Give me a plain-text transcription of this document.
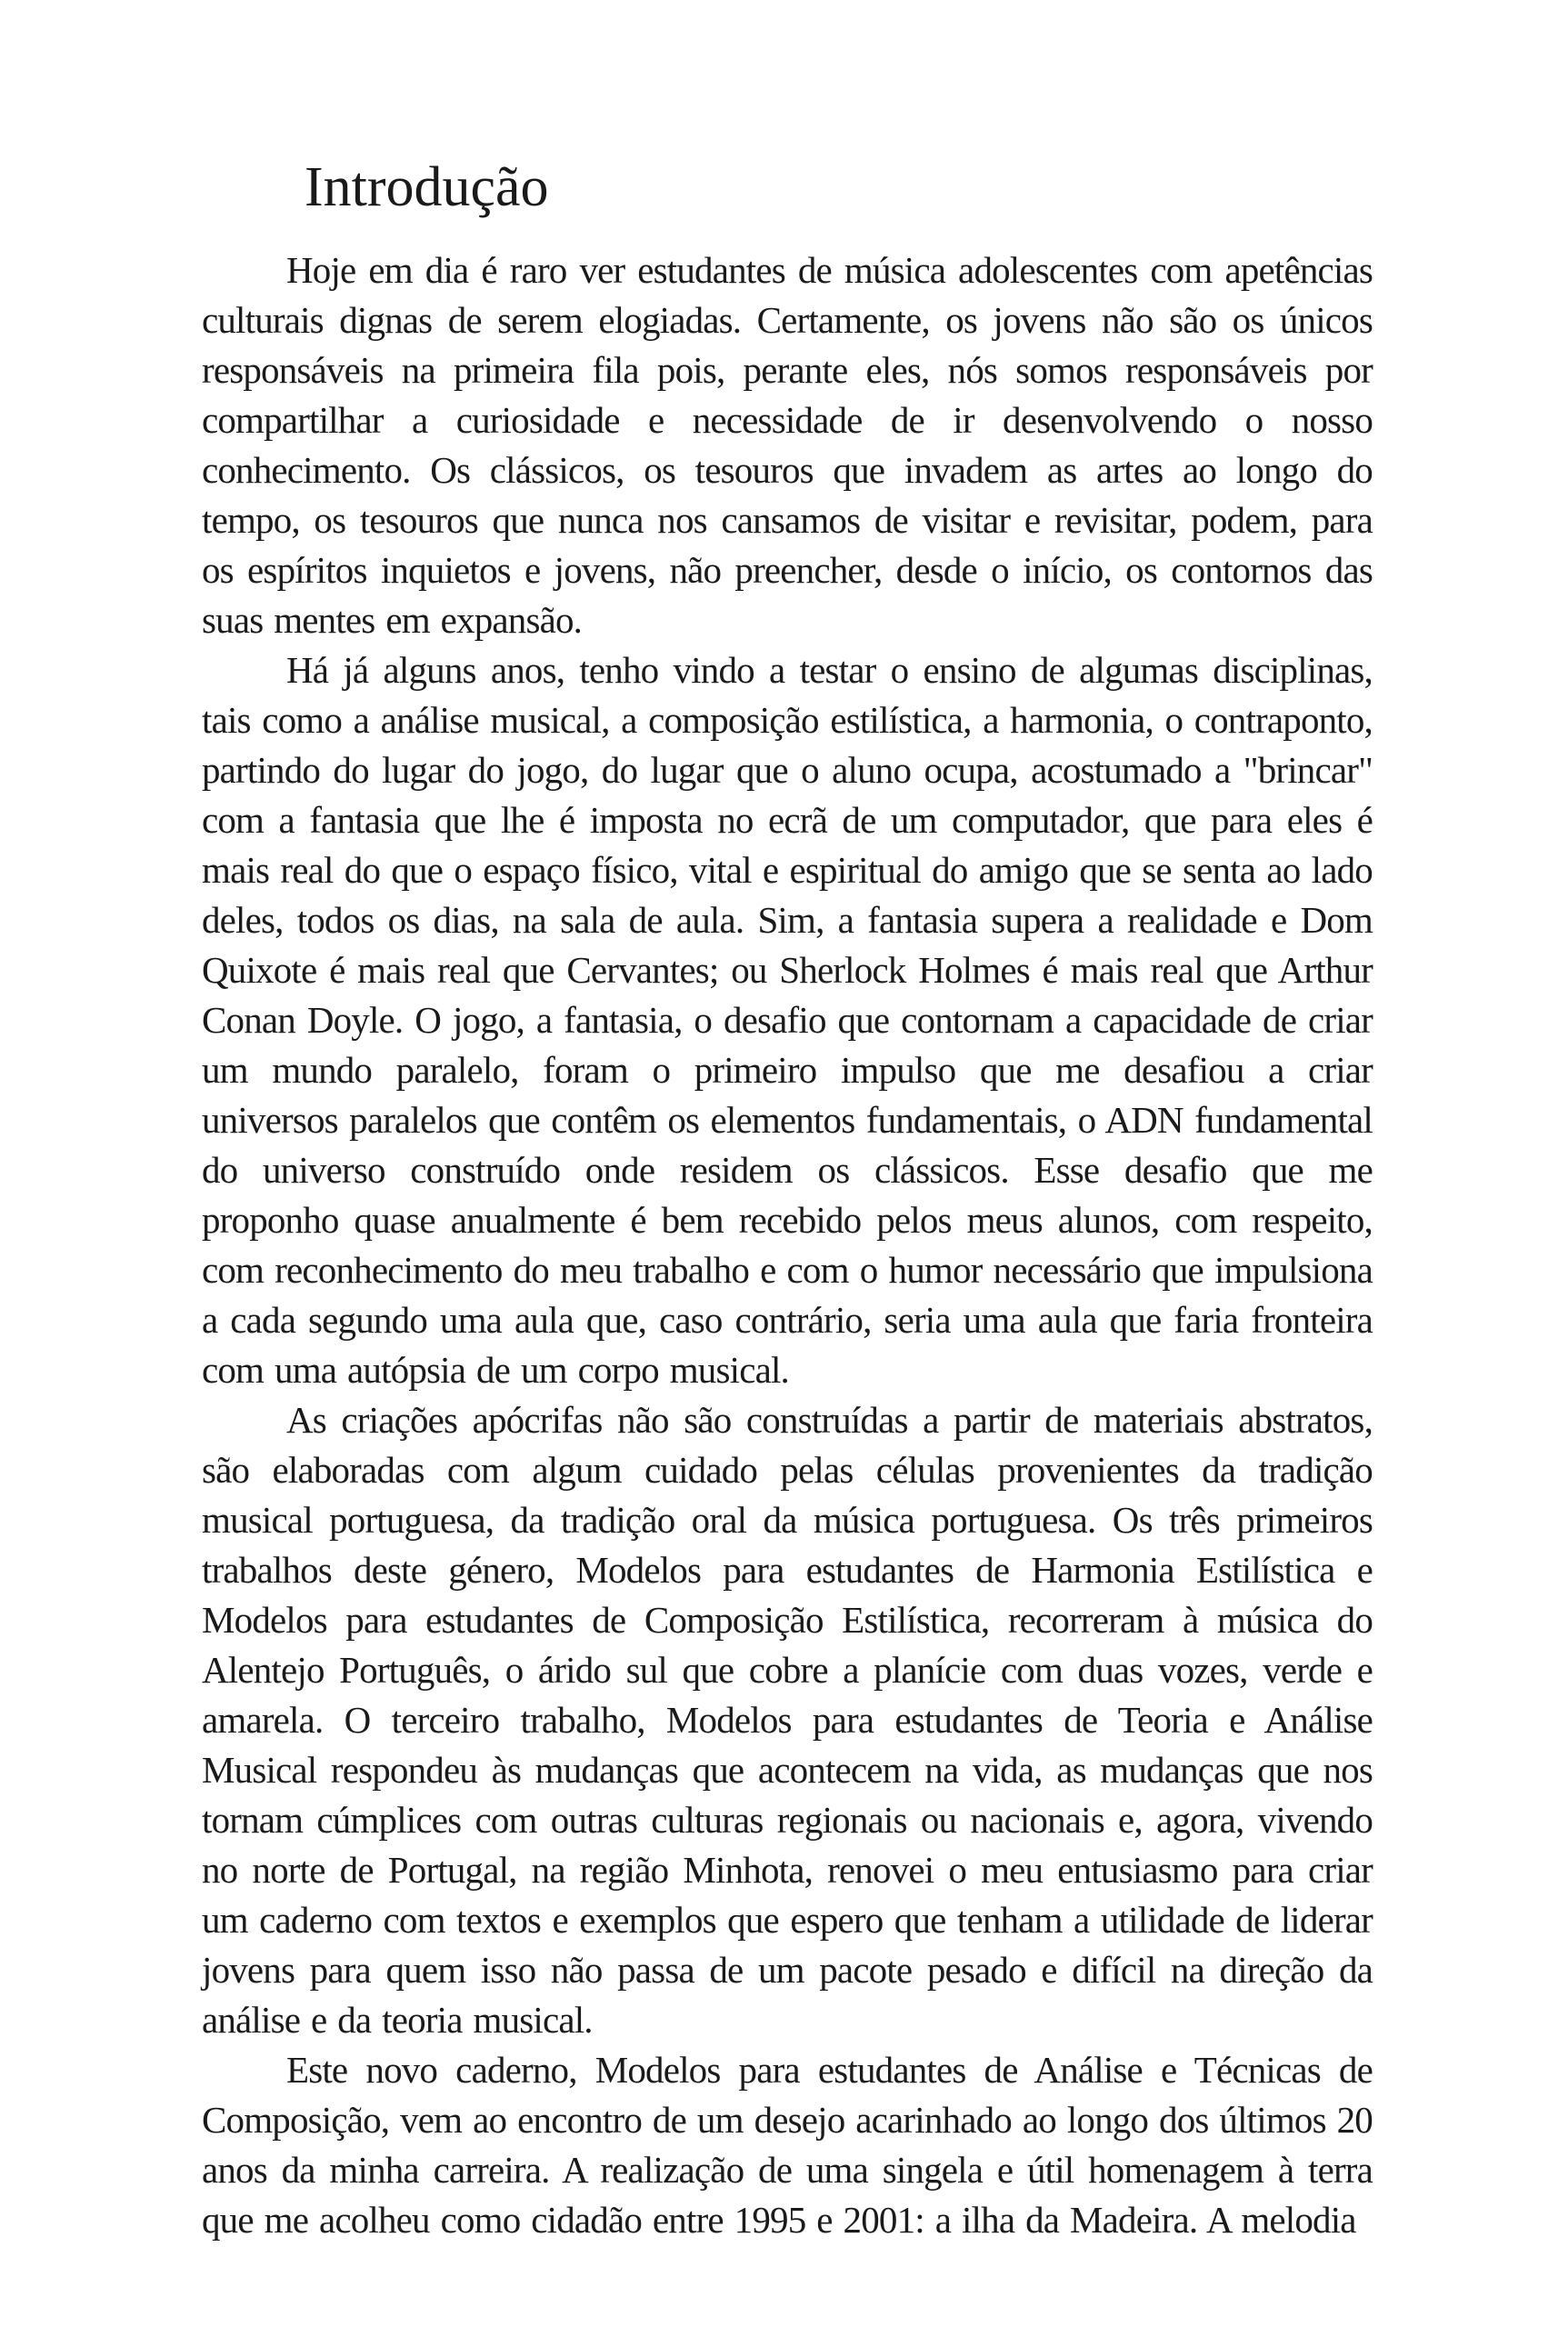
Introdução

Hoje em dia é raro ver estudantes de música adolescentes com apetências culturais dignas de serem elogiadas. Certamente, os jovens não são os únicos responsáveis na primeira fila pois, perante eles, nós somos responsáveis por compartilhar a curiosidade e necessidade de ir desenvolvendo o nosso conhecimento. Os clássicos, os tesouros que invadem as artes ao longo do tempo, os tesouros que nunca nos cansamos de visitar e revisitar, podem, para os espíritos inquietos e jovens, não preencher, desde o início, os contornos das suas mentes em expansão.

Há já alguns anos, tenho vindo a testar o ensino de algumas disciplinas, tais como a análise musical, a composição estilística, a harmonia, o contraponto, partindo do lugar do jogo, do lugar que o aluno ocupa, acostumado a "brincar" com a fantasia que lhe é imposta no ecrã de um computador, que para eles é mais real do que o espaço físico, vital e espiritual do amigo que se senta ao lado deles, todos os dias, na sala de aula. Sim, a fantasia supera a realidade e Dom Quixote é mais real que Cervantes; ou Sherlock Holmes é mais real que Arthur Conan Doyle. O jogo, a fantasia, o desafio que contornam a capacidade de criar um mundo paralelo, foram o primeiro impulso que me desafiou a criar universos paralelos que contêm os elementos fundamentais, o ADN fundamental do universo construído onde residem os clássicos. Esse desafio que me proponho quase anualmente é bem recebido pelos meus alunos, com respeito, com reconhecimento do meu trabalho e com o humor necessário que impulsiona a cada segundo uma aula que, caso contrário, seria uma aula que faria fronteira com uma autópsia de um corpo musical.

As criações apócrifas não são construídas a partir de materiais abstratos, são elaboradas com algum cuidado pelas células provenientes da tradição musical portuguesa, da tradição oral da música portuguesa. Os três primeiros trabalhos deste género, Modelos para estudantes de Harmonia Estilística e Modelos para estudantes de Composição Estilística, recorreram à música do Alentejo Português, o árido sul que cobre a planície com duas vozes, verde e amarela. O terceiro trabalho, Modelos para estudantes de Teoria e Análise Musical respondeu às mudanças que acontecem na vida, as mudanças que nos tornam cúmplices com outras culturas regionais ou nacionais e, agora, vivendo no norte de Portugal, na região Minhota, renovei o meu entusiasmo para criar um caderno com textos e exemplos que espero que tenham a utilidade de liderar jovens para quem isso não passa de um pacote pesado e difícil na direção da análise e da teoria musical.

Este novo caderno, Modelos para estudantes de Análise e Técnicas de Composição, vem ao encontro de um desejo acarinhado ao longo dos últimos 20 anos da minha carreira. A realização de uma singela e útil homenagem à terra que me acolheu como cidadão entre 1995 e 2001: a ilha da Madeira. A melodia
